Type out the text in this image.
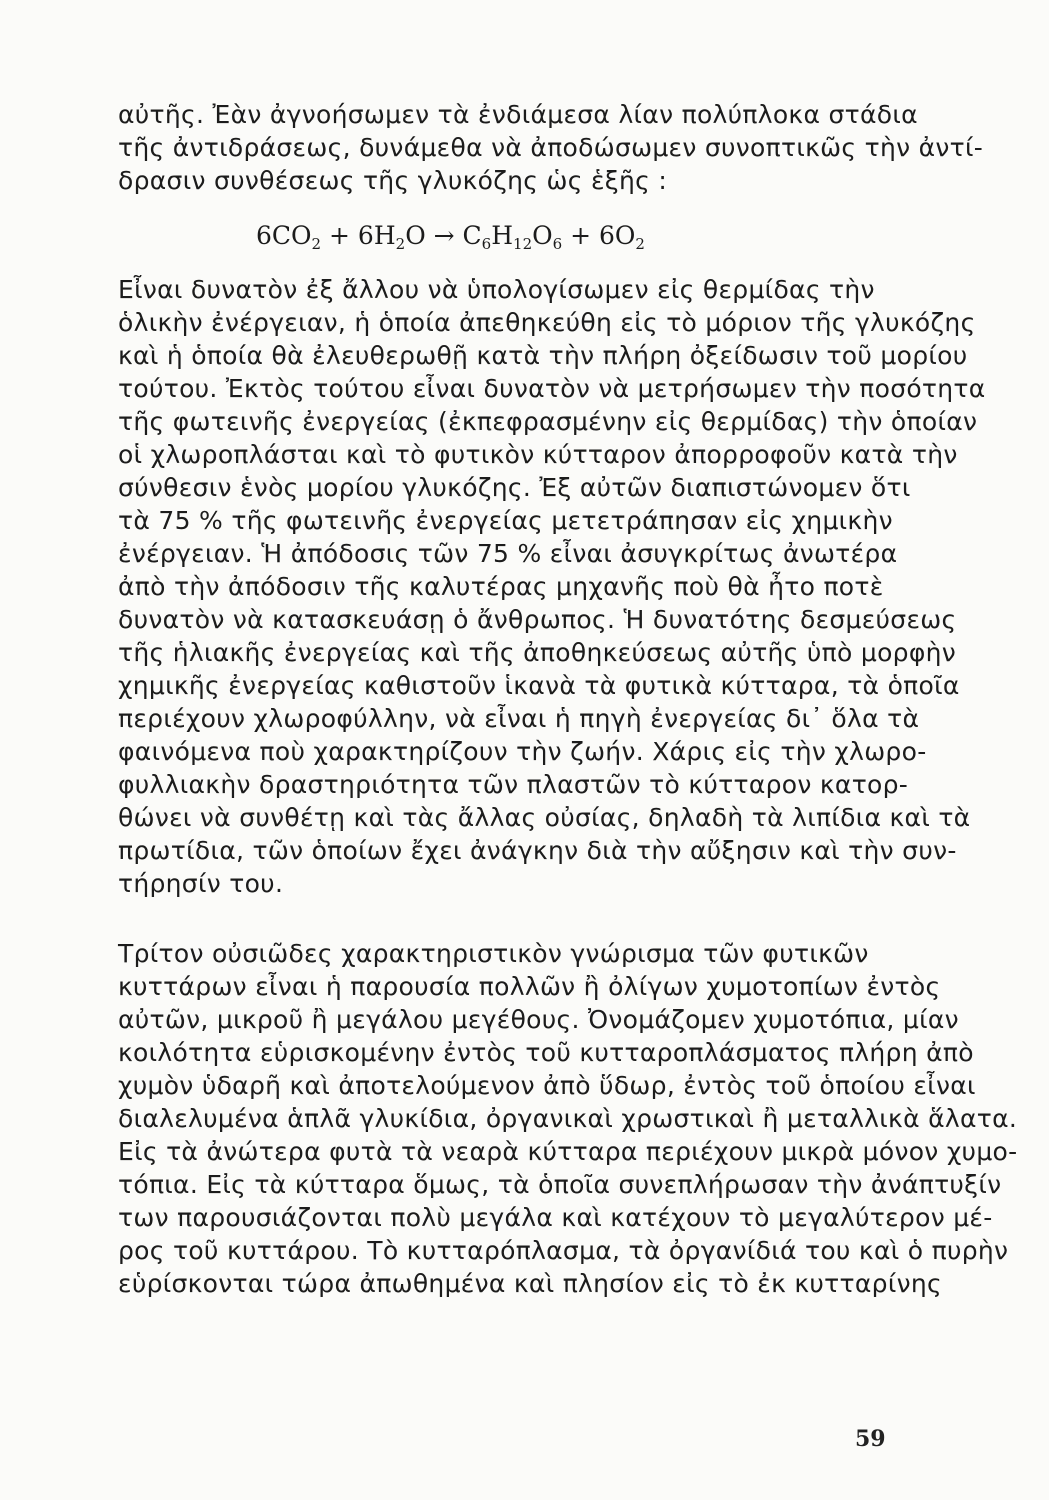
αὐτῆς. Ἐὰν ἀγνοήσωμεν τὰ ἐνδιάμεσα λίαν πολύπλοκα στάδια
τῆς ἀντιδράσεως, δυνάμεθα νὰ ἀποδώσωμεν συνοπτικῶς τὴν ἀντί-
δρασιν συνθέσεως τῆς γλυκόζης ὡς ἑξῆς :
$6CO_2 + 6H_2O \to C_6H_{12}O_6 + 6O_2$
Εἶναι δυνατὸν ἐξ ἄλλου νὰ ὑπολογίσωμεν εἰς θερμίδας τὴν
ὁλικὴν ἐνέργειαν, ἡ ὁποία ἀπεθηκεύθη εἰς τὸ μόριον τῆς γλυκόζης
καὶ ἡ ὁποία θὰ ἐλευθερωθῇ κατὰ τὴν πλήρη ὀξείδωσιν τοῦ μορίου
τούτου. Ἐκτὸς τούτου εἶναι δυνατὸν νὰ μετρήσωμεν τὴν ποσότητα
τῆς φωτεινῆς ἐνεργείας (ἐκπεφρασμένην εἰς θερμίδας) τὴν ὁποίαν
οἱ χλωροπλάσται καὶ τὸ φυτικὸν κύτταρον ἀπορροφοῦν κατὰ τὴν
σύνθεσιν ἑνὸς μορίου γλυκόζης. Ἐξ αὐτῶν διαπιστώνομεν ὅτι
τὰ 75 % τῆς φωτεινῆς ἐνεργείας μετετράπησαν εἰς χημικὴν
ἐνέργειαν. Ἡ ἀπόδοσις τῶν 75 % εἶναι ἀσυγκρίτως ἀνωτέρα
ἀπὸ τὴν ἀπόδοσιν τῆς καλυτέρας μηχανῆς ποὺ θὰ ἦτο ποτὲ
δυνατὸν νὰ κατασκευάσῃ ὁ ἄνθρωπος. Ἡ δυνατότης δεσμεύσεως
τῆς ἡλιακῆς ἐνεργείας καὶ τῆς ἀποθηκεύσεως αὐτῆς ὑπὸ μορφὴν
χημικῆς ἐνεργείας καθιστοῦν ἱκανὰ τὰ φυτικὰ κύτταρα, τὰ ὁποῖα
περιέχουν χλωροφύλλην, νὰ εἶναι ἡ πηγὴ ἐνεργείας δι᾿ ὅλα τὰ
φαινόμενα ποὺ χαρακτηρίζουν τὴν ζωήν. Χάρις εἰς τὴν χλωρο-
φυλλιακὴν δραστηριότητα τῶν πλαστῶν τὸ κύτταρον κατορ-
θώνει νὰ συνθέτῃ καὶ τὰς ἄλλας οὐσίας, δηλαδὴ τὰ λιπίδια καὶ τὰ
πρωτίδια, τῶν ὁποίων ἔχει ἀνάγκην διὰ τὴν αὔξησιν καὶ τὴν συν-
τήρησίν του.
Τρίτον οὐσιῶδες χαρακτηριστικὸν γνώρισμα τῶν φυτικῶν
κυττάρων εἶναι ἡ παρουσία πολλῶν ἢ ὀλίγων χυμοτοπίων ἐντὸς
αὐτῶν, μικροῦ ἢ μεγάλου μεγέθους. Ὀνομάζομεν χυμοτόπια, μίαν
κοιλότητα εὑρισκομένην ἐντὸς τοῦ κυτταροπλάσματος πλήρη ἀπὸ
χυμὸν ὑδαρῆ καὶ ἀποτελούμενον ἀπὸ ὕδωρ, ἐντὸς τοῦ ὁποίου εἶναι
διαλελυμένα ἁπλᾶ γλυκίδια, ὀργανικαὶ χρωστικαὶ ἢ μεταλλικὰ ἅλατα.
Εἰς τὰ ἀνώτερα φυτὰ τὰ νεαρὰ κύτταρα περιέχουν μικρὰ μόνον χυμο-
τόπια. Εἰς τὰ κύτταρα ὅμως, τὰ ὁποῖα συνεπλήρωσαν τὴν ἀνάπτυξίν
των παρουσιάζονται πολὺ μεγάλα καὶ κατέχουν τὸ μεγαλύτερον μέ-
ρος τοῦ κυττάρου. Τὸ κυτταρόπλασμα, τὰ ὀργανίδιά του καὶ ὁ πυρὴν
εὑρίσκονται τώρα ἀπωθημένα καὶ πλησίον εἰς τὸ ἐκ κυτταρίνης
59
